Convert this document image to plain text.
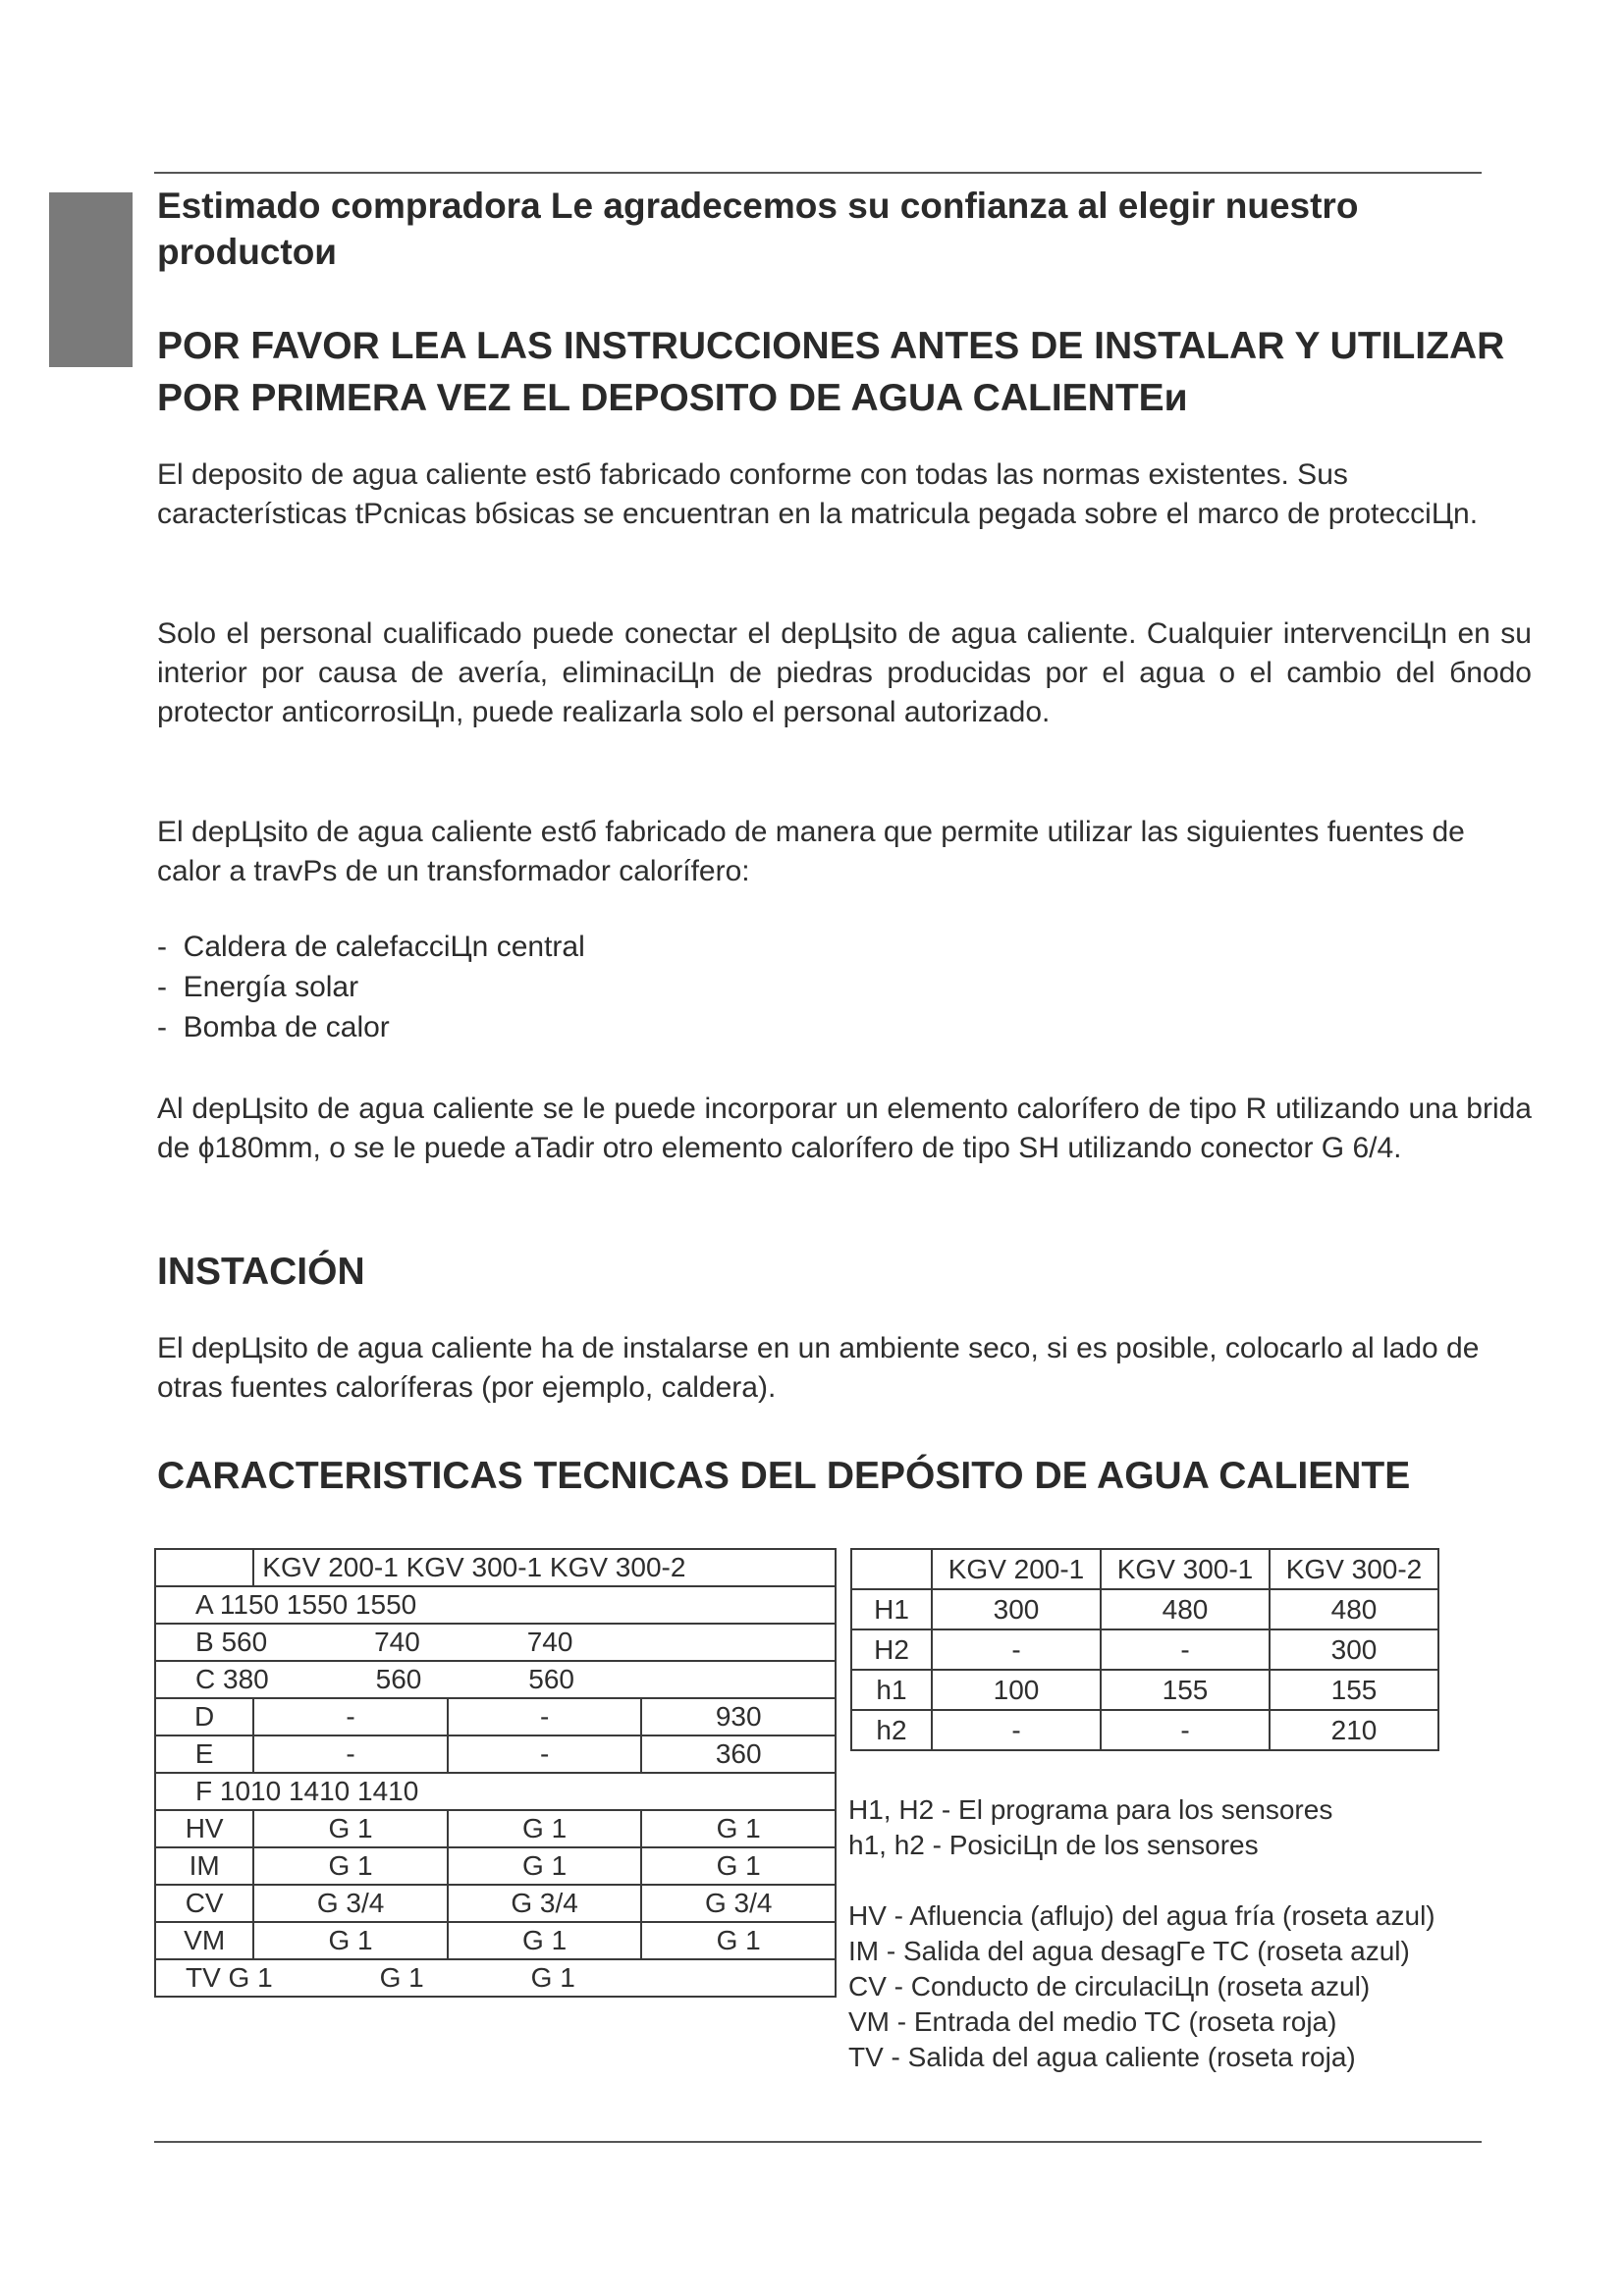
Estimado compradora Le agradecemos su confianza al elegir nuestro productoи
POR FAVOR LEA LAS INSTRUCCIONES ANTES DE INSTALAR Y UTILIZAR POR PRIMERA VEZ EL DEPOSITO DE AGUA CALIENTEи

El deposito de agua caliente estб fabricado conforme con todas las normas existentes. Sus características tPcnicas bбsicas se encuentran en la matricula pegada sobre el marco de protecciЦn.

Solo el personal cualificado puede conectar el depЦsito de agua caliente. Cualquier intervenciЦn en su interior por causa de avería, eliminaciЦn de piedras producidas por el agua o el cambio del бnodo protector anticorrosiЦn, puede realizarla solo el personal autorizado.

El depЦsito de agua caliente estб fabricado de manera que permite utilizar las siguientes fuentes de calor a travPs de un transformador calorífero:

- Caldera de calefacciЦn central
- Energía solar
- Bomba de calor

Al depЦsito de agua caliente se le puede incorporar un elemento calorífero de tipo R utilizando una brida de ϕ180mm, o se le puede aTadir otro elemento calorífero de tipo SH utilizando conector G 6/4.

INSTACIÓN

El depЦsito de agua caliente ha de instalarse en un ambiente seco, si es posible, colocarlo al lado de otras fuentes caloríferas (por ejemplo, caldera).

CARACTERISTICAS TECNICAS DEL DEPÓSITO DE AGUA CALIENTE
	KGV 200-1 KGV 300-1 KGV 300-2		
A 1150 1550 1550			
B 560              740              740			
C 380              560              560			
D	-	-	930
E	-	-	360
F 1010 1410 1410			
HV	G 1	G 1	G 1
IM	G 1	G 1	G 1
CV	G 3/4	G 3/4	G 3/4
VM	G 1	G 1	G 1
TV G 1              G 1              G 1			
	KGV 200-1	KGV 300-1	KGV 300-2
H1	300	480	480
H2	-	-	300
h1	100	155	155
h2	-	-	210
H1, H2 - El programa para los sensores
h1, h2 - PosiciЦn de los sensores
HV - Afluencia (aflujo) del agua fría (roseta azul)
IM - Salida del agua desagГe TC (roseta azul)
CV - Conducto de circulaciЦn (roseta azul)
VM - Entrada del medio TC (roseta roja)
TV - Salida del agua caliente (roseta roja)
